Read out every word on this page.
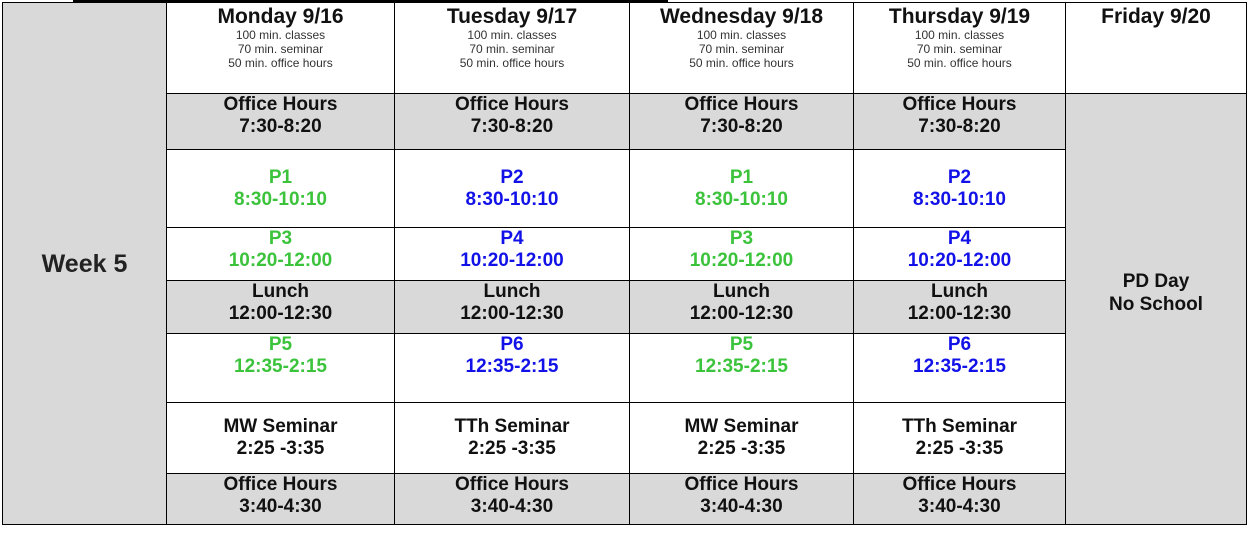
Week 5	Monday 9/16
100 min. classes
70 min. seminar
50 min. office hours	Tuesday 9/17
100 min. classes
70 min. seminar
50 min. office hours	Wednesday 9/18
100 min. classes
70 min. seminar
50 min. office hours	Thursday 9/19
100 min. classes
70 min. seminar
50 min. office hours	Friday 9/20

	Office Hours
7:30-8:20	Office Hours
7:30-8:20	Office Hours
7:30-8:20	Office Hours
7:30-8:20	PD Day
No School

	P1
8:30-10:10	P2
8:30-10:10	P1
8:30-10:10	P2
8:30-10:10	

	P3
10:20-12:00	P4
10:20-12:00	P3
10:20-12:00	P4
10:20-12:00	

	Lunch
12:00-12:30	Lunch
12:00-12:30	Lunch
12:00-12:30	Lunch
12:00-12:30	

	P5
12:35-2:15	P6
12:35-2:15	P5
12:35-2:15	P6
12:35-2:15	

	MW Seminar
2:25 -3:35	TTh Seminar
2:25 -3:35	MW Seminar
2:25 -3:35	TTh Seminar
2:25 -3:35	

	Office Hours
3:40-4:30	Office Hours
3:40-4:30	Office Hours
3:40-4:30	Office Hours
3:40-4:30	
